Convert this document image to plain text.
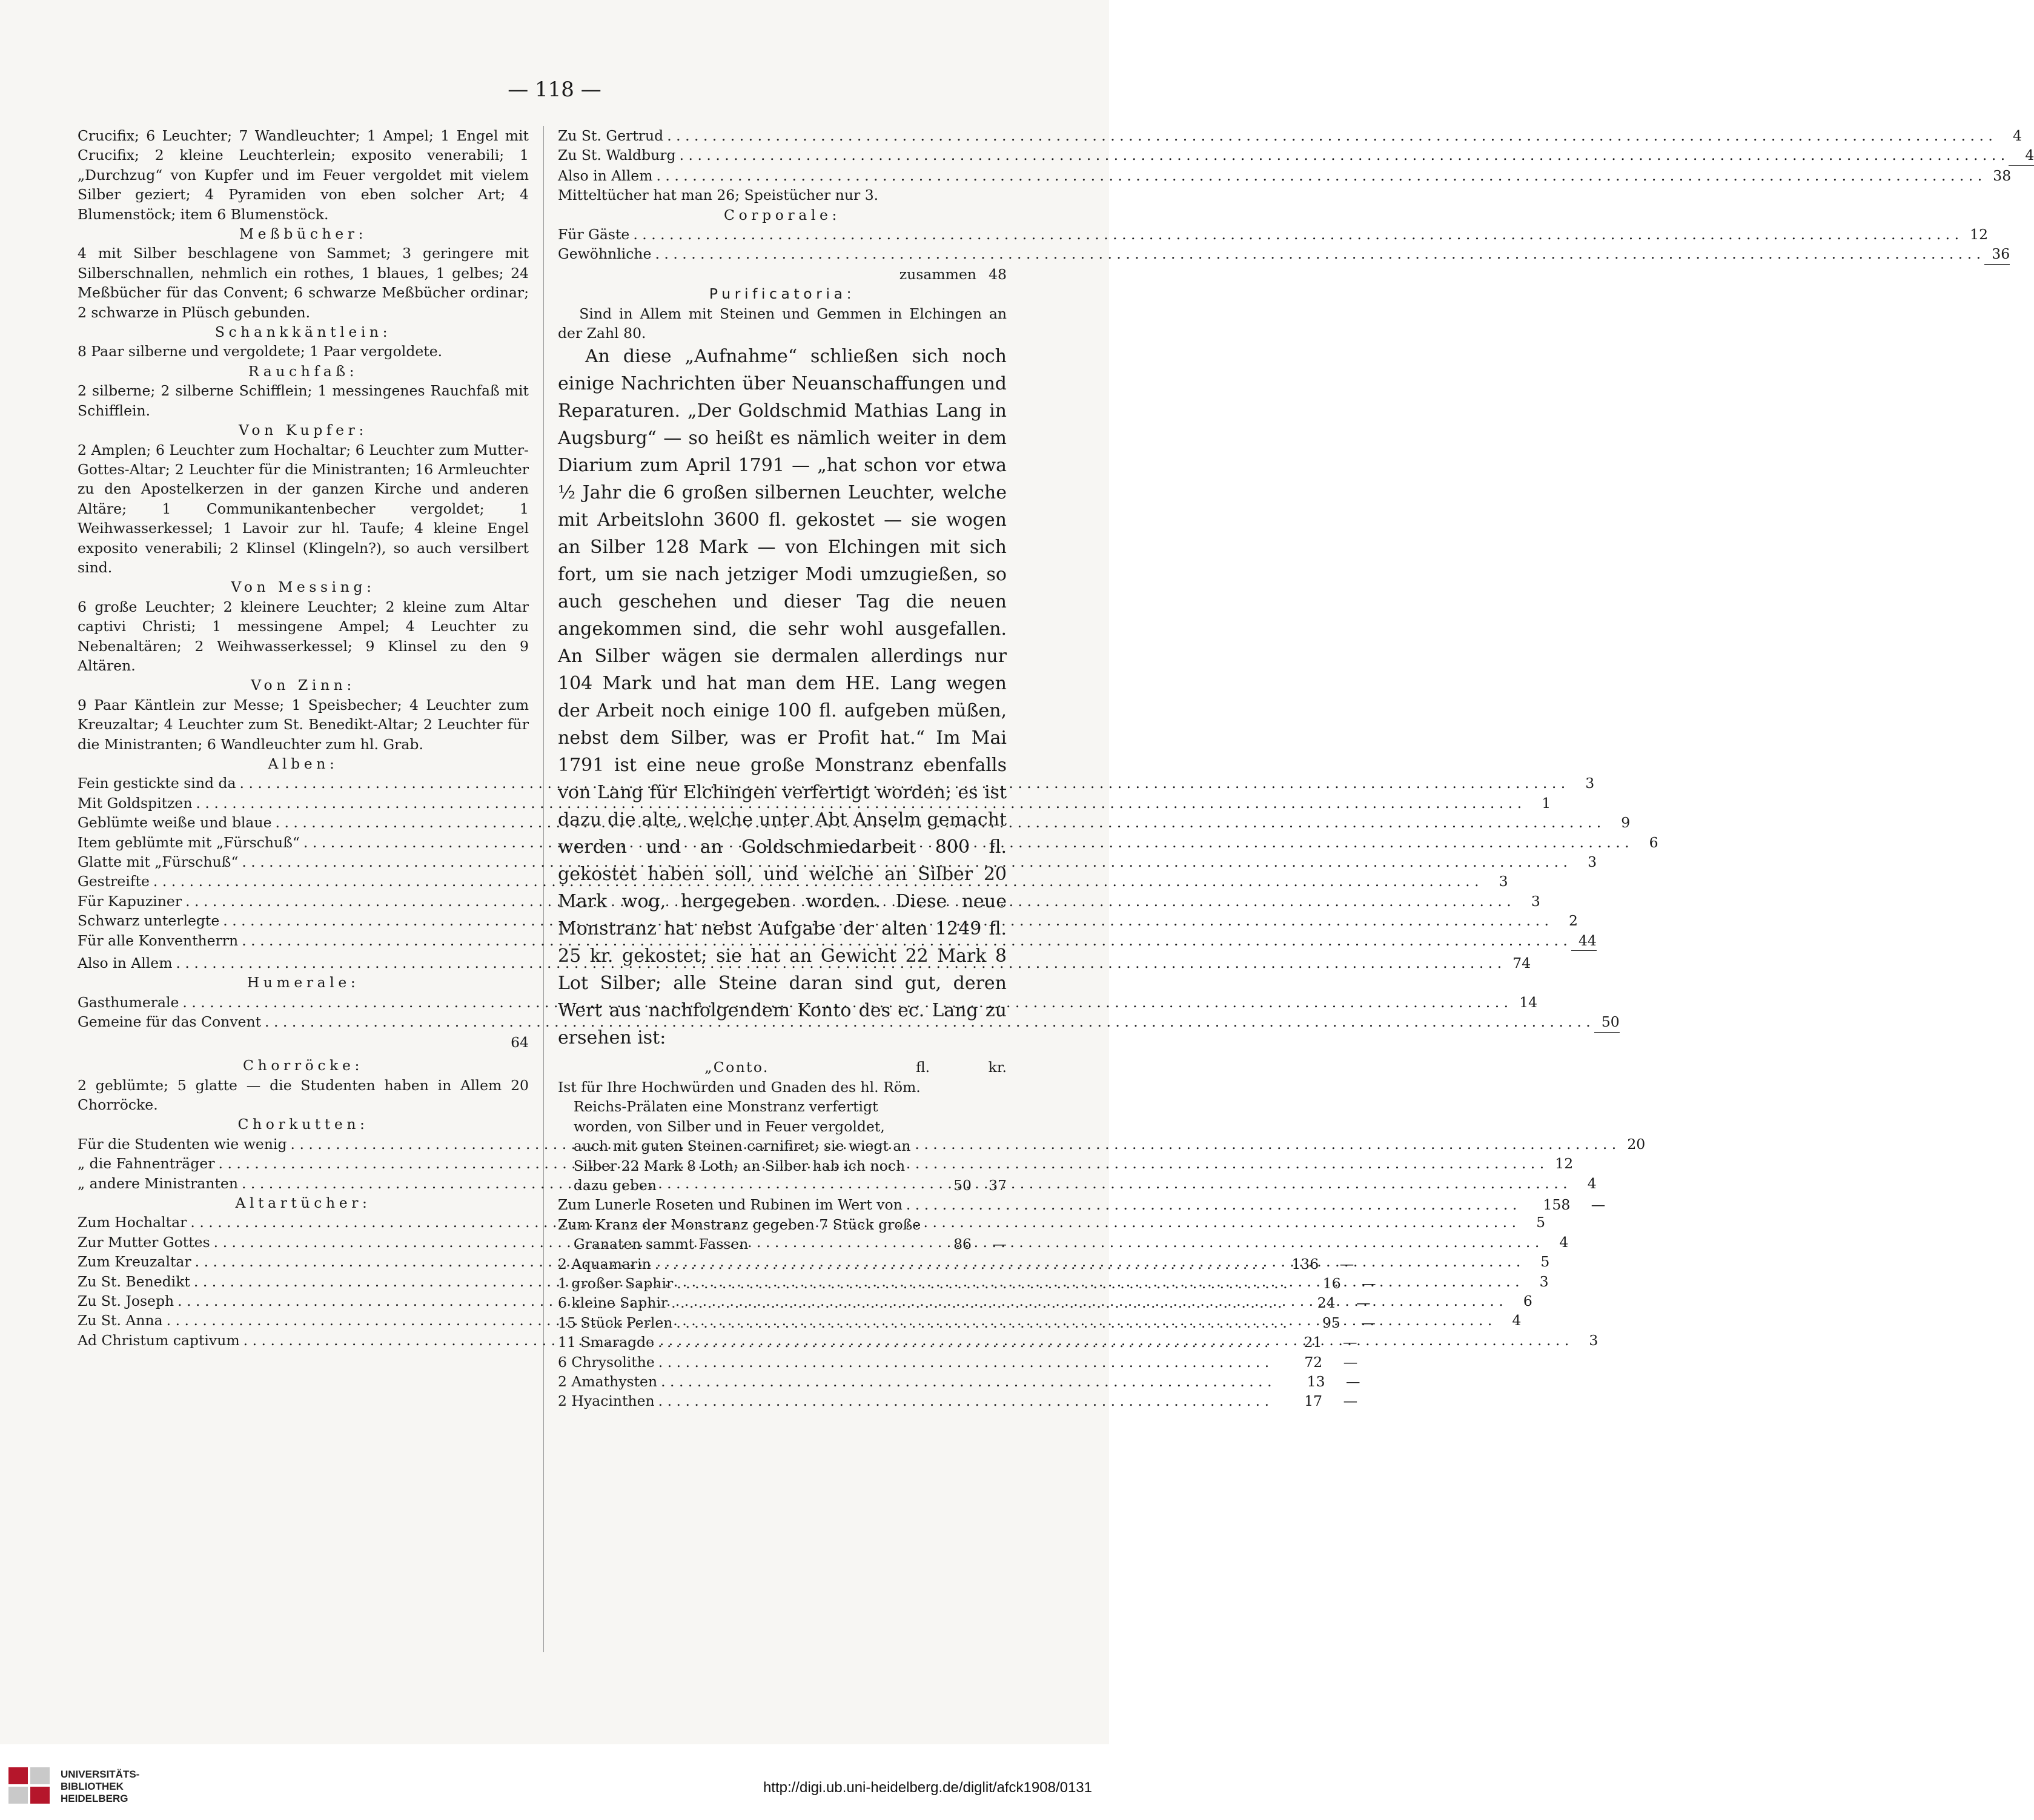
— 118 —

Crucifix; 6 Leuchter; 7 Wandleuchter; 1 Ampel; 1 Engel mit Crucifix; 2 kleine Leuchterlein; exposito venerabili; 1 „Durchzug“ von Kupfer und im Feuer vergoldet mit vielem Silber geziert; 4 Pyramiden von eben solcher Art; 4 Blumenstöck; item 6 Blumenstöck.

Meßbücher:

4 mit Silber beschlagene von Sammet; 3 geringere mit Silberschnallen, nehmlich ein rothes, 1 blaues, 1 gelbes; 24 Meßbücher für das Convent; 6 schwarze Meßbücher ordinar; 2 schwarze in Plüsch gebunden.

Schankkäntlein:

8 Paar silberne und vergoldete; 1 Paar vergoldete.

Rauchfaß:

2 silberne; 2 silberne Schifflein; 1 messingenes Rauchfaß mit Schifflein.

Von Kupfer:

2 Amplen; 6 Leuchter zum Hochaltar; 6 Leuchter zum Mutter-Gottes-Altar; 2 Leuchter für die Ministranten; 16 Armleuchter zu den Apostelkerzen in der ganzen Kirche und anderen Altäre; 1 Communikantenbecher vergoldet; 1 Weihwasserkessel; 1 Lavoir zur hl. Taufe; 4 kleine Engel exposito venerabili; 2 Klinsel (Klingeln?), so auch versilbert sind.

Von Messing:

6 große Leuchter; 2 kleinere Leuchter; 2 kleine zum Altar captivi Christi; 1 messingene Ampel; 4 Leuchter zu Nebenaltären; 2 Weihwasserkessel; 9 Klinsel zu den 9 Altären.

Von Zinn:

9 Paar Käntlein zur Messe; 1 Speisbecher; 4 Leuchter zum Kreuzaltar; 4 Leuchter zum St. Benedikt-Altar; 2 Leuchter für die Ministranten; 6 Wandleuchter zum hl. Grab.

Alben:

Fein gestickte sind da . . .	3
Mit Goldspitzen . . .	1
Geblümte weiße und blaue . . .	9
Item geblümte mit „Fürschuß“ . . .	6
Glatte mit „Fürschuß“ . . .	3
Gestreifte . . .	3
Für Kapuziner . . .	3
Schwarz unterlegte . . .	2
Für alle Konventherrn . . .	44
Also in Allem . . .	74

Humerale:

Gasthumerale . . .	14
Gemeine für das Convent . . .	50

64

Chorröcke:

2 geblümte; 5 glatte — die Studenten haben in Allem 20 Chorröcke.

Chorkutten:

Für die Studenten wie wenig . . .	20
„ die Fahnenträger . . .	12
„ andere Ministranten . . .	4

Altartücher:

Zum Hochaltar . . .	5
Zur Mutter Gottes . . .	4
Zum Kreuzaltar . . .	5
Zu St. Benedikt . . .	3
Zu St. Joseph . . .	6
Zu St. Anna . . .	4
Ad Christum captivum . . .	3
Zu St. Gertrud . . .	4
Zu St. Waldburg . . .	4
Also in Allem . . .	38

Mitteltücher hat man 26; Speistücher nur 3.

Corporale:

Für Gäste . . .	12
Gewöhnliche . . .	36

zusammen 48

Purificatoria:

Sind in Allem mit Steinen und Gemmen in Elchingen an der Zahl 80.

An diese „Aufnahme“ schließen sich noch einige Nachrichten über Neuanschaffungen und Reparaturen. „Der Goldschmid Mathias Lang in Augsburg“ — so heißt es nämlich weiter in dem Diarium zum April 1791 — „hat schon vor etwa ½ Jahr die 6 großen silbernen Leuchter, welche mit Arbeitslohn 3600 fl. gekostet — sie wogen an Silber 128 Mark — von Elchingen mit sich fort, um sie nach jetziger Modi umzugießen, so auch geschehen und dieser Tag die neuen angekommen sind, die sehr wohl ausgefallen. An Silber wägen sie dermalen allerdings nur 104 Mark und hat man dem HE. Lang wegen der Arbeit noch einige 100 fl. aufgeben müßen, nebst dem Silber, was er Profit hat.“ Im Mai 1791 ist eine neue große Monstranz ebenfalls von Lang für Elchingen verfertigt worden; es ist dazu die alte, welche unter Abt Anselm gemacht werden und an Goldschmiedarbeit 800 fl. gekostet haben soll, und welche an Silber 20 Mark wog, hergegeben worden. Diese neue Monstranz hat nebst Aufgabe der alten 1249 fl. 25 kr. gekostet; sie hat an Gewicht 22 Mark 8 Lot Silber; alle Steine daran sind gut, deren Wert aus nachfolgendem Konto des ec. Lang zu ersehen ist:

„Conto.	fl.	kr.
Ist für Ihre Hochwürden und Gnaden des hl. Röm. Reichs-Prälaten eine Monstranz verfertigt worden, von Silber und in Feuer vergoldet, auch mit guten Steinen carnifiret; sie wiegt an Silber 22 Mark 8 Loth; an Silber hab ich noch dazu geben	50	37
Zum Lunerle Roseten und Rubinen im Wert von . . .	158	—
Zum Kranz der Monstranz gegeben 7 Stück große Granaten sammt Fassen	86	—
2 Aquamarin . . .	136	—
1 großer Saphir . . .	16	—
6 kleine Saphir . . .	24	—
15 Stück Perlen . . .	95	—
11 Smaragde . . .	21	—
6 Chrysolithe . . .	72	—
2 Amathysten . . .	13	—
2 Hyacinthen . . .	17	—
UNIVERSITÄTS-
BIBLIOTHEK
HEIDELBERG
http://digi.ub.uni-heidelberg.de/diglit/afck1908/0131
